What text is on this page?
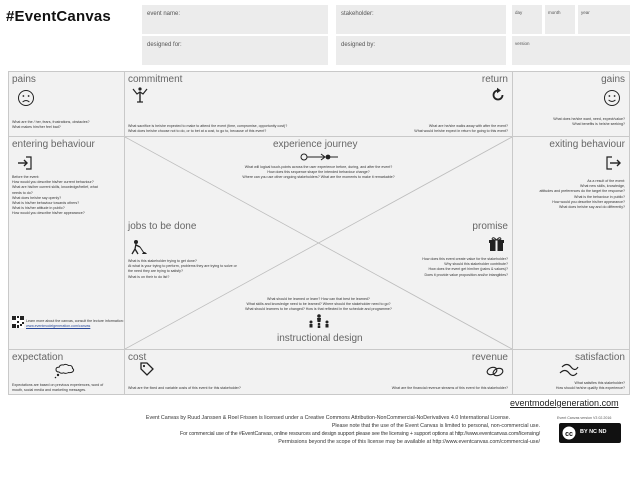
#EventCanvas	event name:
designed for:
stakeholder:
designed by:
day	month	year
version
pains
What are the / her, fears, frustrations, obstacles?
What makes him/her feel bad?
commitment
What sacrifice is he/she expected to make to attend the event (time, compromise, opportunity cost)?
What does he/she choose not to do, or to bet at a cost, to go to, because of this event?
return
What are he/she walks away with after the event?
What would he/she expect in return for going to this event?
gains
What does he/she want, need, expect/value?
What benefits is he/she seeking?
entering behaviour
Before the event:
How would you describe his/her current behaviour?
What are his/her current skills, knowledge/belief, what
needs to do?
What does he/she say openly?
What is his/her behaviour towards others?
What is his/her attitude in public?
How would you describe his/her appearance?
Learn more about the canvas, consult the lecture information:
www.eventmodelgeneration.com/canvas
experience journey
What will logical touch-points across the user experience before, during, and after the event?
How does this sequence shape the intended behaviour change?
Where can you use other ongoing stakeholders? What are the moments to make it remarkable?
jobs to be done
What is this stakeholder trying to get done?
At what is your trying to perform, problems they are trying to solve or
the need they are trying to satisfy?
What is on their to do list?
promise
How does this event create value for the stakeholder?
Why should this stakeholder contribute?
How does the event get him/her (pains & values)?
Does it provide value proposition and/or intangibles?
What should be learned or learn? How can that best be learned?
What skills and knowledge need to be learned? Where should the stakeholder need to go?
What should learners to be changed? How is that reflected in the schedule and programme?
instructional design
exiting behaviour
As a result of the event:
What new skills, knowledge,
attitudes and preferences do the target the response?
What is the behaviour in public?
How would you describe his/her appearance?
What does he/she say and do differently?
expectation
Expectations are based on previous experiences, word of
mouth, social media and marketing messages.
cost
What are the fixed and variable costs of this event for this stakeholder?
revenue
What are the financial revenue streams of this event for this stakeholder?
satisfaction
What satisfies this stakeholder?
How should he/she qualify this experience?
eventmodelgeneration.com
Event Canvas by Ruud Janssen & Roel Frissen is licensed under a Creative Commons Attribution-NonCommercial-NoDerivatives 4.0 International License.
Please note that the use of the Event Canvas is limited to personal, non-commercial use.
For commercial use of the #EventCanvas, online resources and design support please see the licensing + support options at http://www.eventcanvas.com/licensing/
Permissions beyond the scope of this license may be available at http://www.eventcanvas.com/commercial-use/
Event Canvas version V3 02.2016
cc BY NC ND
